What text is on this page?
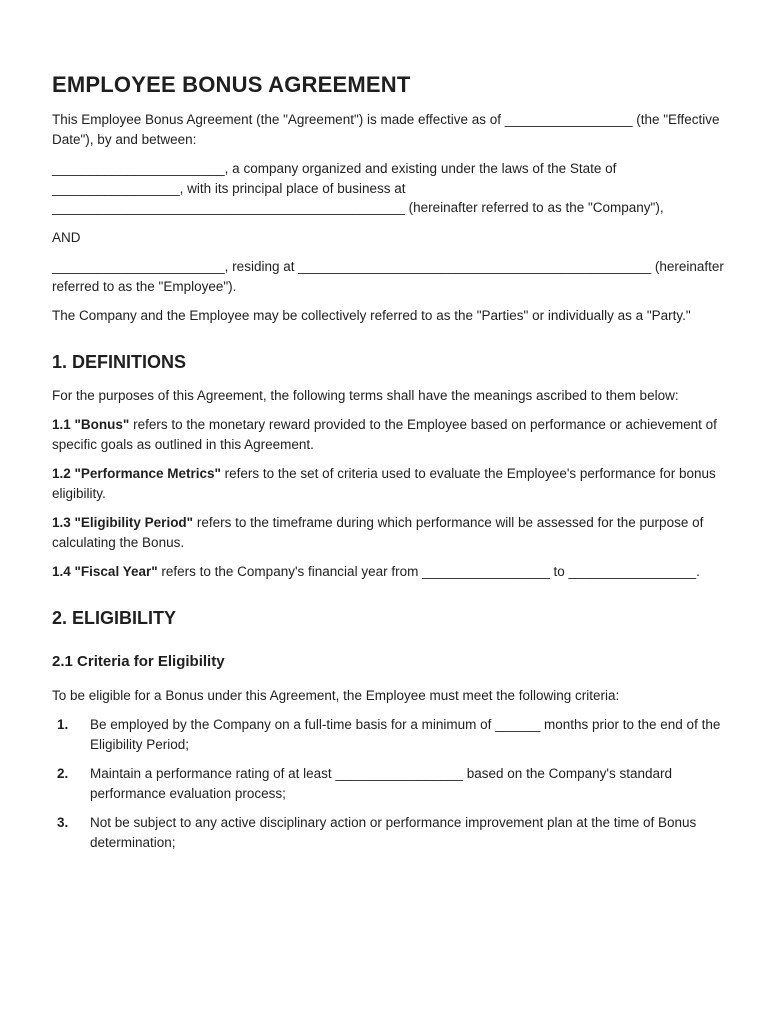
EMPLOYEE BONUS AGREEMENT

This Employee Bonus Agreement (the "Agreement") is made effective as of _________________ (the "Effective Date"), by and between:

_______________________, a company organized and existing under the laws of the State of _________________, with its principal place of business at _______________________________________________ (hereinafter referred to as the "Company"),

AND

_______________________, residing at _______________________________________________ (hereinafter referred to as the "Employee").

The Company and the Employee may be collectively referred to as the "Parties" or individually as a "Party."

1. DEFINITIONS

For the purposes of this Agreement, the following terms shall have the meanings ascribed to them below:

1.1 "Bonus" refers to the monetary reward provided to the Employee based on performance or achievement of specific goals as outlined in this Agreement.

1.2 "Performance Metrics" refers to the set of criteria used to evaluate the Employee's performance for bonus eligibility.

1.3 "Eligibility Period" refers to the timeframe during which performance will be assessed for the purpose of calculating the Bonus.

1.4 "Fiscal Year" refers to the Company's financial year from _________________ to _________________.

2. ELIGIBILITY
2.1 Criteria for Eligibility

To be eligible for a Bonus under this Agreement, the Employee must meet the following criteria:

1.	Be employed by the Company on a full-time basis for a minimum of ______ months prior to the end of the Eligibility Period;
2.	Maintain a performance rating of at least _________________ based on the Company's standard performance evaluation process;
3.	Not be subject to any active disciplinary action or performance improvement plan at the time of Bonus determination;
